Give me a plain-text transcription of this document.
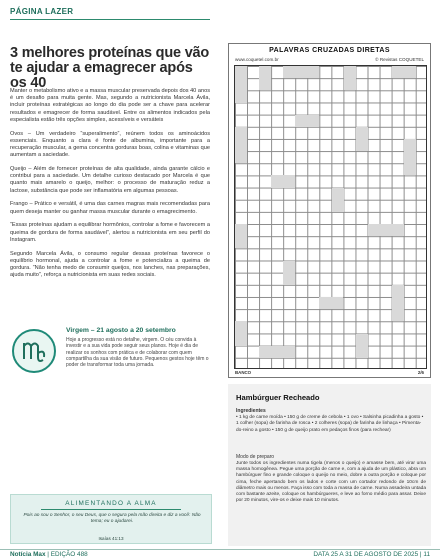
PÁGINA LAZER
3 melhores proteínas que vão te ajudar a emagrecer após os 40

Manter o metabolismo ativo e a massa muscular preservada depois dos 40 anos é um desafio para muita gente. Mas, segundo a nutricionista Marcela Ávila, incluir proteínas estratégicas ao longo do dia pode ser a chave para acelerar resultados e emagrecer de forma saudável. Entre os alimentos indicados pela especialista estão três opções simples, acessíveis e versáteis

Ovos – Um verdadeiro “superalimento”, reúnem todos os aminoácidos essenciais. Enquanto a clara é fonte de albumina, importante para a recuperação muscular, a gema concentra gorduras boas, colina e vitaminas que aumentam a saciedade.

Queijo – Além de fornecer proteínas de alta qualidade, ainda garante cálcio e contribui para a saciedade. Um detalhe curioso destacado por Marcela é que quanto mais amarelo o queijo, melhor: o processo de maturação reduz a lactose, substância que pode ser inflamatória em algumas pessoas.

Frango – Prático e versátil, é uma das carnes magras mais recomendadas para quem deseja manter ou ganhar massa muscular durante o emagrecimento.

“Essas proteínas ajudam a equilibrar hormônios, controlar a fome e favorecem a queima de gordura de forma saudável”, alertou a nutricionista em seu perfil do Instagram.

Segundo Marcela Ávila, o consumo regular dessas proteínas favorece o equilíbrio hormonal, ajuda a controlar a fome e potencializa a queima de gordura. “Não tenha medo de consumir queijos, nos lanches, nas preparações, ajuda muito”, reforça a nutricionista em suas redes sociais.

Virgem – 21 agosto a 20 setembro
Hoje a progresso está no detalhe, virgem. O céu convida à investir e a sua vida pode seguir seus planos. Hoje é dia de realizar os sonhos com prática e de colaborar com quem compartilha da sua visão de futuro. Pequenos gestos hoje têm o poder de transformar toda uma jornada.
ALIMENTANDO A ALMA
Pois ao sou o Senhor, o seu Deus, que o segura pela mão direita e diz a você: Não tema; eu o ajudarei.
Isaías 41:13
PALAVRAS CRUZADAS DIRETAS
www.coquetel.com.br	© Revistas COQUETEL
BANCO	2/6
Hambúrguer Recheado
Ingredientes
• 1 kg de carne moída • 150 g de creme de cebola • 1 ovo • Salsinha picadinha a gosto • 1 colher (sopa) de farinha de rosca • 2 colheres (sopa) de farinha de linhaça • Pimenta-do-reino a gosto • 150 g de queijo prato em pedaços finos (para rechear)
Modo de preparo
Junte todos os ingredientes numa tigela (menos o queijo) e amasse bem, até virar uma massa homogênea. Pegue uma porção de carne e, com a ajuda de um plástico, abra um hambúrguer fino e grande coloque o queijo no meio, dobre a outra porção e coloque por cima, feche apertando bem os lados e corte com um cortador redondo de 10cm de diâmetro mais ou menos. Faça isso com toda a massa de carne. Numa assadeira untada com bastante azeite, coloque os hambúrgueres, e leve ao forno médio para assar. Deixe por 20 minutos, vire-os e deixe mais 10 minutos.
Notícia Max | EDIÇÃO 488	DATA 25 A 31 DE AGOSTO DE 2025 | 11
